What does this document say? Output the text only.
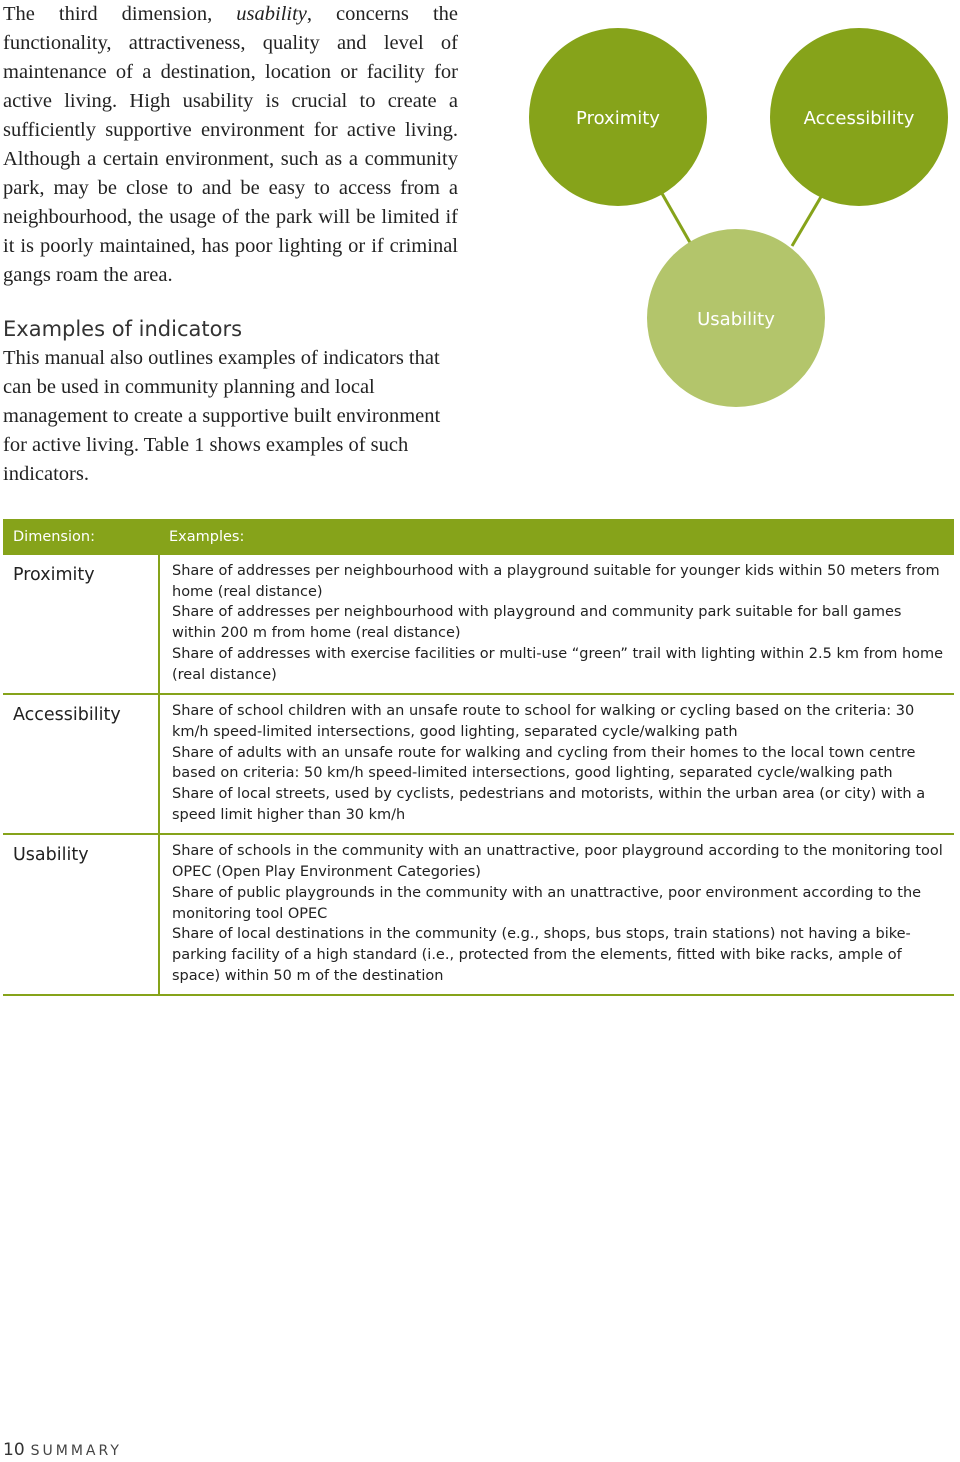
The third dimension, usability, concerns the functionality, attractiveness, quality and level of maintenance of a destination, location or facility for active living. High usability is crucial to create a sufficiently supportive environment for active living. Although a certain environment, such as a community park, may be close to and be easy to access from a neighbourhood, the usage of the park will be limited if it is poorly maintained, has poor lighting or if criminal gangs roam the area.

Examples of indicators

This manual also outlines examples of indicators that can be used in community planning and local management to create a supportive built environment for active living. Table 1 shows examples of such indicators.

Proximity	Accessibility
Usability
Dimension:	Examples:
Proximity	Share of addresses per neighbourhood with a playground suitable for younger kids within 50 meters from home (real distance)
Share of addresses per neighbourhood with playground and community park suitable for ball games within 200 m from home (real distance)
Share of addresses with exercise facilities or multi-use “green” trail with lighting within 2.5 km from home (real distance)

Accessibility	Share of school children with an unsafe route to school for walking or cycling based on the criteria: 30 km/h speed-limited intersections, good lighting, separated cycle/walking path
Share of adults with an unsafe route for walking and cycling from their homes to the local town centre based on criteria: 50 km/h speed-limited intersections, good lighting, separated cycle/walking path
Share of local streets, used by cyclists, pedestrians and motorists, within the urban area (or city) with a speed limit higher than 30 km/h

Usability	Share of schools in the community with an unattractive, poor playground according to the monitoring tool OPEC (Open Play Environment Categories)
Share of public playgrounds in the community with an unattractive, poor environment according to the monitoring tool OPEC
Share of local destinations in the community (e.g., shops, bus stops, train stations) not having a bike-parking facility of a high standard (i.e., protected from the elements, fitted with bike racks, ample of space) within 50 m of the destination
10 SUMMARY
